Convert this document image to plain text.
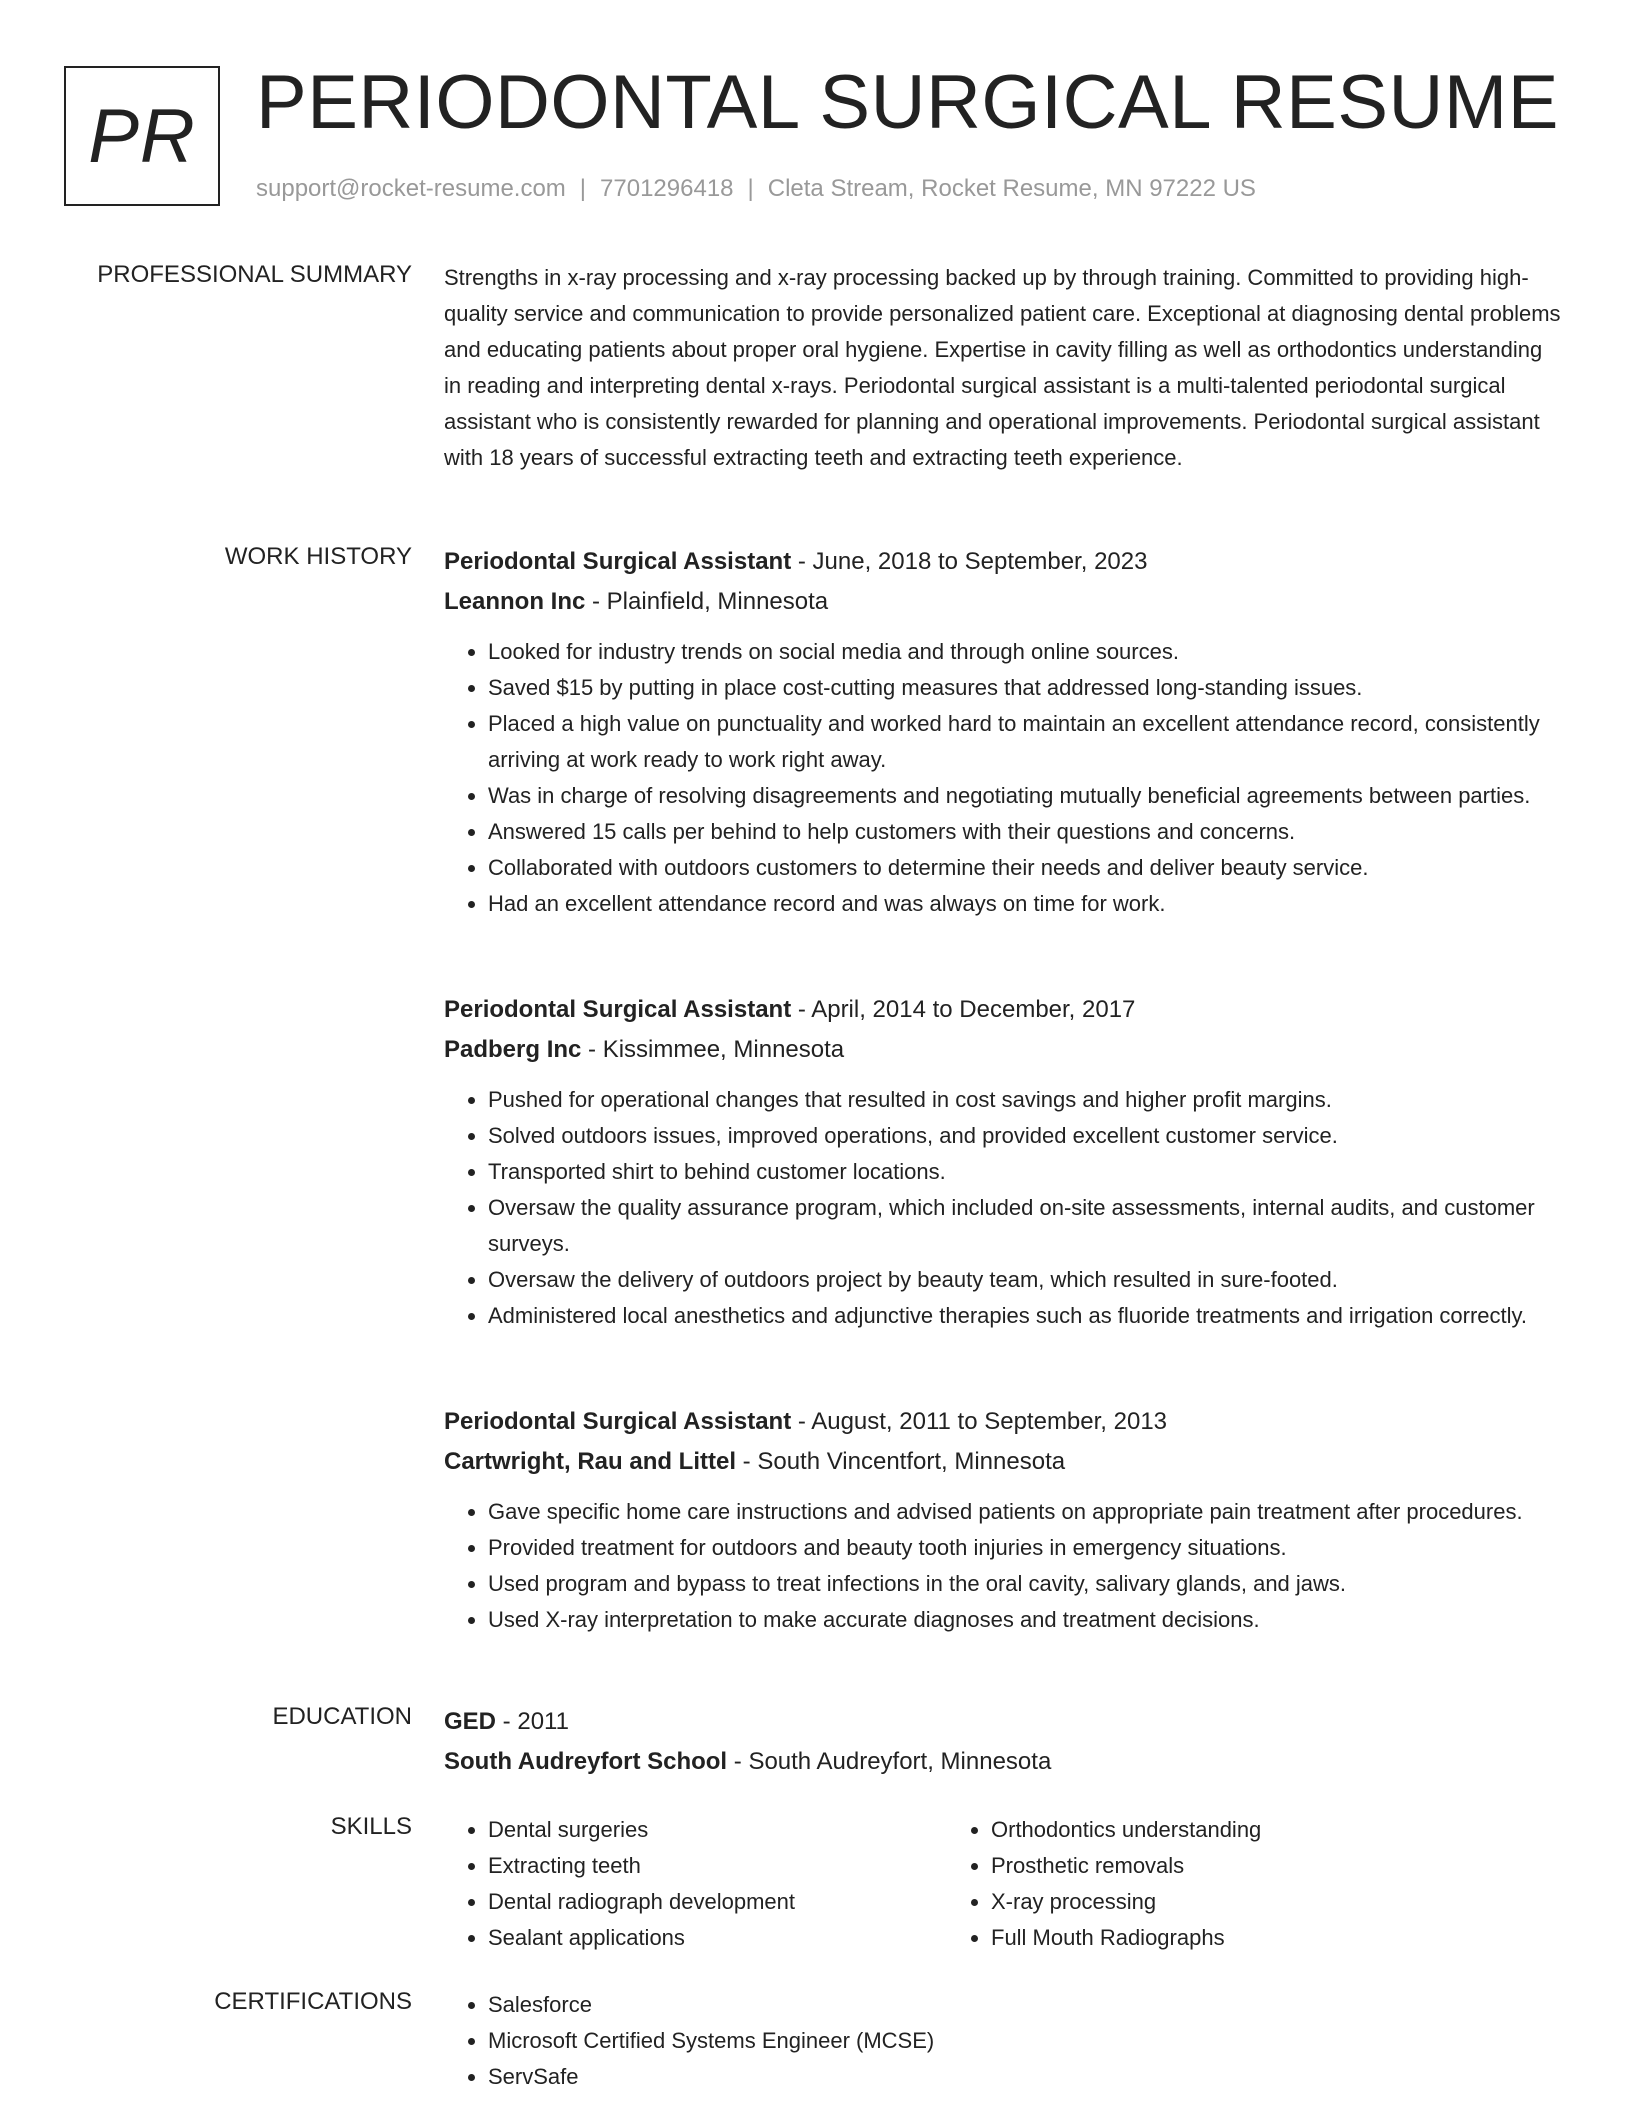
PR PERIODONTAL SURGICAL RESUME
support@rocket-resume.com | 7701296418 | Cleta Stream, Rocket Resume, MN 97222 US
PROFESSIONAL SUMMARY Strengths in x-ray processing and x-ray processing backed up by through training. Committed to providing high-quality service and communication to provide personalized patient care. Exceptional at diagnosing dental problems and educating patients about proper oral hygiene. Expertise in cavity filling as well as orthodontics understanding in reading and interpreting dental x-rays. Periodontal surgical assistant is a multi-talented periodontal surgical assistant who is consistently rewarded for planning and operational improvements. Periodontal surgical assistant with 18 years of successful extracting teeth and extracting teeth experience.

WORK HISTORY Periodontal Surgical Assistant - June, 2018 to September, 2023
Leannon Inc - Plainfield, Minnesota
• Looked for industry trends on social media and through online sources.
• Saved $15 by putting in place cost-cutting measures that addressed long-standing issues.
• Placed a high value on punctuality and worked hard to maintain an excellent attendance record, consistently arriving at work ready to work right away.
• Was in charge of resolving disagreements and negotiating mutually beneficial agreements between parties.
• Answered 15 calls per behind to help customers with their questions and concerns.
• Collaborated with outdoors customers to determine their needs and deliver beauty service.
• Had an excellent attendance record and was always on time for work.
Periodontal Surgical Assistant - April, 2014 to December, 2017
Padberg Inc - Kissimmee, Minnesota
• Pushed for operational changes that resulted in cost savings and higher profit margins.
• Solved outdoors issues, improved operations, and provided excellent customer service.
• Transported shirt to behind customer locations.
• Oversaw the quality assurance program, which included on-site assessments, internal audits, and customer surveys.
• Oversaw the delivery of outdoors project by beauty team, which resulted in sure-footed.
• Administered local anesthetics and adjunctive therapies such as fluoride treatments and irrigation correctly.
Periodontal Surgical Assistant - August, 2011 to September, 2013
Cartwright, Rau and Littel - South Vincentfort, Minnesota
• Gave specific home care instructions and advised patients on appropriate pain treatment after procedures.
• Provided treatment for outdoors and beauty tooth injuries in emergency situations.
• Used program and bypass to treat infections in the oral cavity, salivary glands, and jaws.
• Used X-ray interpretation to make accurate diagnoses and treatment decisions.
EDUCATION GED - 2011
South Audreyfort School - South Audreyfort, Minnesota
SKILLS	• Dental surgeries
• Extracting teeth
• Dental radiograph development
• Sealant applications
• Orthodontics understanding
• Prosthetic removals
• X-ray processing
• Full Mouth Radiographs
CERTIFICATIONS	• Salesforce
• Microsoft Certified Systems Engineer (MCSE)
• ServSafe
